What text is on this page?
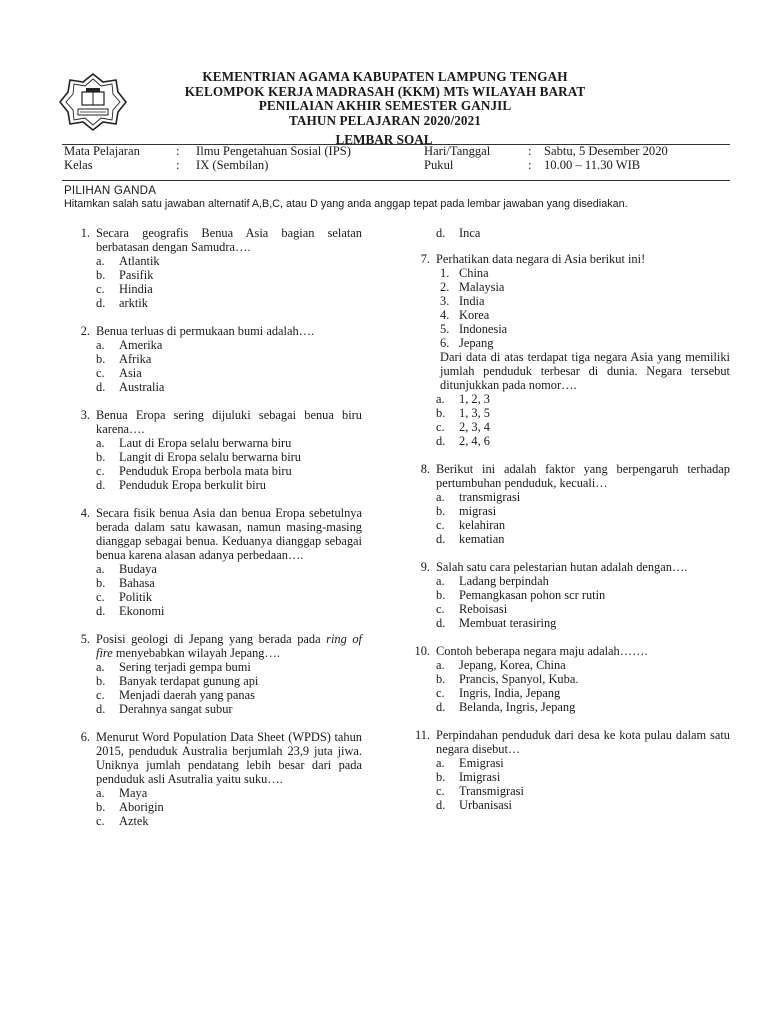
KEMENTRIAN AGAMA KABUPATEN LAMPUNG TENGAH
KELOMPOK KERJA MADRASAH (KKM) MTs WILAYAH BARAT
PENILAIAN AKHIR SEMESTER GANJIL
TAHUN PELAJARAN 2020/2021
LEMBAR SOAL
Mata Pelajaran	: Ilmu Pengetahuan Sosial (IPS)
Kelas	: IX (Sembilan)
Hari/Tanggal	: Sabtu, 5 Desember 2020
Pukul	: 10.00 – 11.30 WIB
PILIHAN GANDA
Hitamkan salah satu jawaban alternatif A,B,C, atau D yang anda anggap tepat pada lembar jawaban yang disediakan.
1. Secara geografis Benua Asia bagian selatan berbatasan dengan Samudra….
a.	Atlantik
b.	Pasifik
c.	Hindia
d.	arktik
2. Benua terluas di permukaan bumi adalah….
a.	Amerika
b.	Afrika
c.	Asia
d.	Australia
3. Benua Eropa sering dijuluki sebagai benua biru karena….
a.	Laut di Eropa selalu berwarna biru
b.	Langit di Eropa selalu berwarna biru
c.	Penduduk Eropa berbola mata biru
d.	Penduduk Eropa berkulit biru
4. Secara fisik benua Asia dan benua Eropa sebetulnya berada dalam satu kawasan, namun masing-masing dianggap sebagai benua. Keduanya dianggap sebagai benua karena alasan adanya perbedaan….
a.	Budaya
b.	Bahasa
c.	Politik
d.	Ekonomi
5. Posisi geologi di Jepang yang berada pada ring of fire menyebabkan wilayah Jepang….
a.	Sering terjadi gempa bumi
b.	Banyak terdapat gunung api
c.	Menjadi daerah yang panas
d.	Derahnya sangat subur
6. Menurut Word Population Data Sheet (WPDS) tahun 2015, penduduk Australia berjumlah 23,9 juta jiwa. Uniknya jumlah pendatang lebih besar dari pada penduduk asli Asutralia yaitu suku….
a.	Maya
b.	Aborigin
c.	Aztek
d.	Inca
7. Perhatikan data negara di Asia berikut ini!
1. China
2. Malaysia
3. India
4. Korea
5. Indonesia
6. Jepang
Dari data di atas terdapat tiga negara Asia yang memiliki jumlah penduduk terbesar di dunia. Negara tersebut ditunjukkan pada nomor….
a.	1, 2, 3
b.	1, 3, 5
c.	2, 3, 4
d.	2, 4, 6
8. Berikut ini adalah faktor yang berpengaruh terhadap pertumbuhan penduduk, kecuali…
a.	transmigrasi
b.	migrasi
c.	kelahiran
d.	kematian
9. Salah satu cara pelestarian hutan adalah dengan….
a.	Ladang berpindah
b.	Pemangkasan pohon scr rutin
c.	Reboisasi
d.	Membuat terasiring
10. Contoh beberapa negara maju adalah…….
a.	Jepang, Korea, China
b.	Prancis, Spanyol, Kuba.
c.	Ingris, India, Jepang
d.	Belanda, Ingris, Jepang
11. Perpindahan penduduk dari desa ke kota pulau dalam satu negara disebut…
a.	Emigrasi
b.	Imigrasi
c.	Transmigrasi
d.	Urbanisasi
